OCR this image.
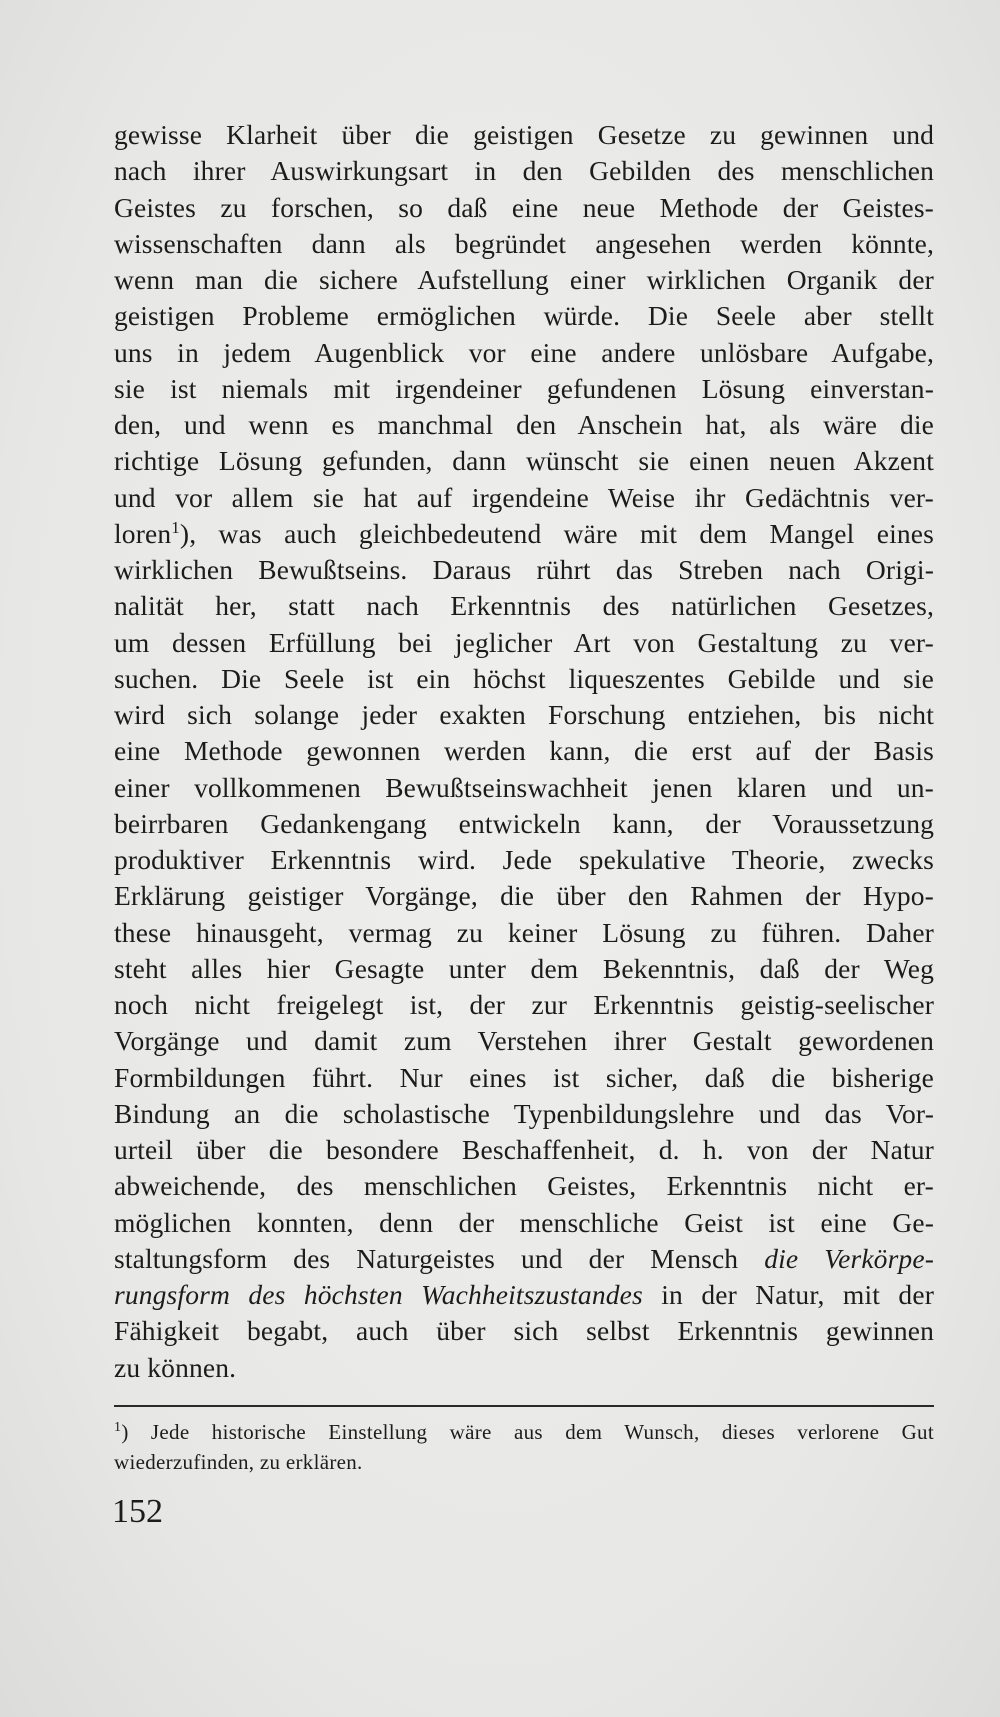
gewisse Klarheit über die geistigen Gesetze zu gewinnen und
nach ihrer Auswirkungsart in den Gebilden des menschlichen
Geistes zu forschen, so daß eine neue Methode der Geistes-
wissenschaften dann als begründet angesehen werden könnte,
wenn man die sichere Aufstellung einer wirklichen Organik der
geistigen Probleme ermöglichen würde. Die Seele aber stellt
uns in jedem Augenblick vor eine andere unlösbare Aufgabe,
sie ist niemals mit irgendeiner gefundenen Lösung einverstan-
den, und wenn es manchmal den Anschein hat, als wäre die
richtige Lösung gefunden, dann wünscht sie einen neuen Akzent
und vor allem sie hat auf irgendeine Weise ihr Gedächtnis ver-
loren$^1$), was auch gleichbedeutend wäre mit dem Mangel eines
wirklichen Bewußtseins. Daraus rührt das Streben nach Origi-
nalität her, statt nach Erkenntnis des natürlichen Gesetzes,
um dessen Erfüllung bei jeglicher Art von Gestaltung zu ver-
suchen. Die Seele ist ein höchst liqueszentes Gebilde und sie
wird sich solange jeder exakten Forschung entziehen, bis nicht
eine Methode gewonnen werden kann, die erst auf der Basis
einer vollkommenen Bewußtseinswachheit jenen klaren und un-
beirrbaren Gedankengang entwickeln kann, der Voraussetzung
produktiver Erkenntnis wird. Jede spekulative Theorie, zwecks
Erklärung geistiger Vorgänge, die über den Rahmen der Hypo-
these hinausgeht, vermag zu keiner Lösung zu führen. Daher
steht alles hier Gesagte unter dem Bekenntnis, daß der Weg
noch nicht freigelegt ist, der zur Erkenntnis geistig-seelischer
Vorgänge und damit zum Verstehen ihrer Gestalt gewordenen
Formbildungen führt. Nur eines ist sicher, daß die bisherige
Bindung an die scholastische Typenbildungslehre und das Vor-
urteil über die besondere Beschaffenheit, d. h. von der Natur
abweichende, des menschlichen Geistes, Erkenntnis nicht er-
möglichen konnten, denn der menschliche Geist ist eine Ge-
staltungsform des Naturgeistes und der Mensch die Verkörpe-
rungsform des höchsten Wachheitszustandes in der Natur, mit der
Fähigkeit begabt, auch über sich selbst Erkenntnis gewinnen
zu können.
$^1$) Jede historische Einstellung wäre aus dem Wunsch, dieses verlorene Gut
wiederzufinden, zu erklären.
152
